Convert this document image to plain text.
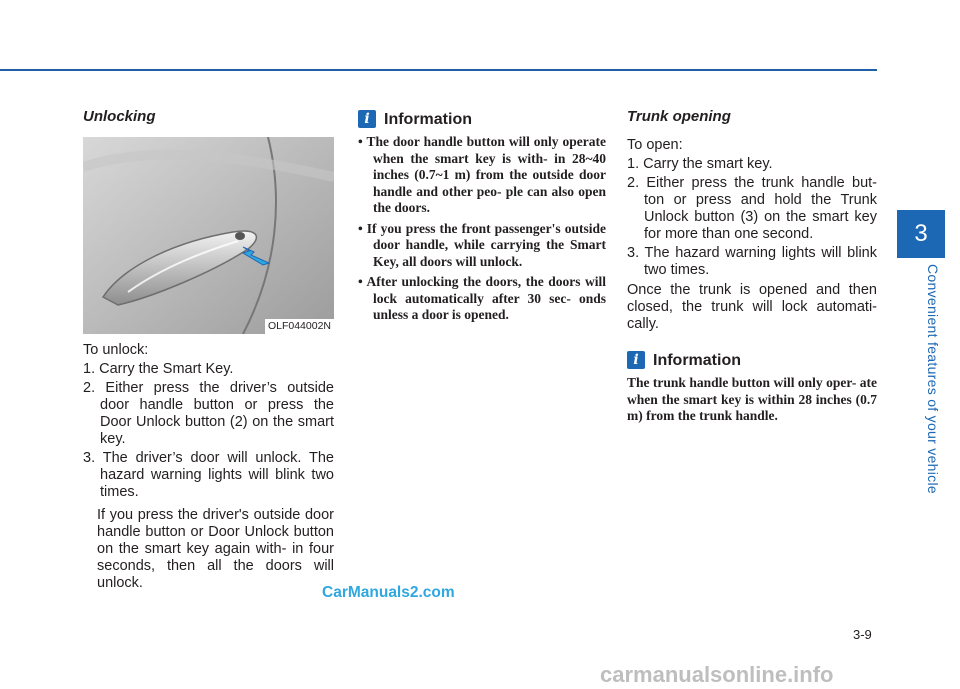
3
Convenient features of your vehicle

Unlocking

OLF044002N

To unlock:

1. Carry the Smart Key.

2. Either press the driver’s outside door handle button or press the Door Unlock button (2) on the smart key.

3. The driver’s door will unlock. The hazard warning lights will blink two times.

If you press the driver's outside door handle button or Door Unlock button on the smart key again with- in four seconds, then all the doors will unlock.

i Information
• The door handle button will only operate when the smart key is with- in 28~40 inches (0.7~1 m) from the outside door handle and other peo- ple can also open the doors.
• If you press the front passenger's outside door handle, while carrying the Smart Key, all doors will unlock.
• After unlocking the doors, the doors will lock automatically after 30 sec- onds unless a door is opened.

Trunk opening

To open:

1. Carry the smart key.

2. Either press the trunk handle but- ton or press and hold the Trunk Unlock button (3) on the smart key for more than one second.

3. The hazard warning lights will blink two times.

Once the trunk is opened and then closed, the trunk will lock automati- cally.

i Information

The trunk handle button will only oper- ate when the smart key is within 28 inches (0.7 m) from the trunk handle.

3-9
CarManuals2.com
carmanualsonline.info
